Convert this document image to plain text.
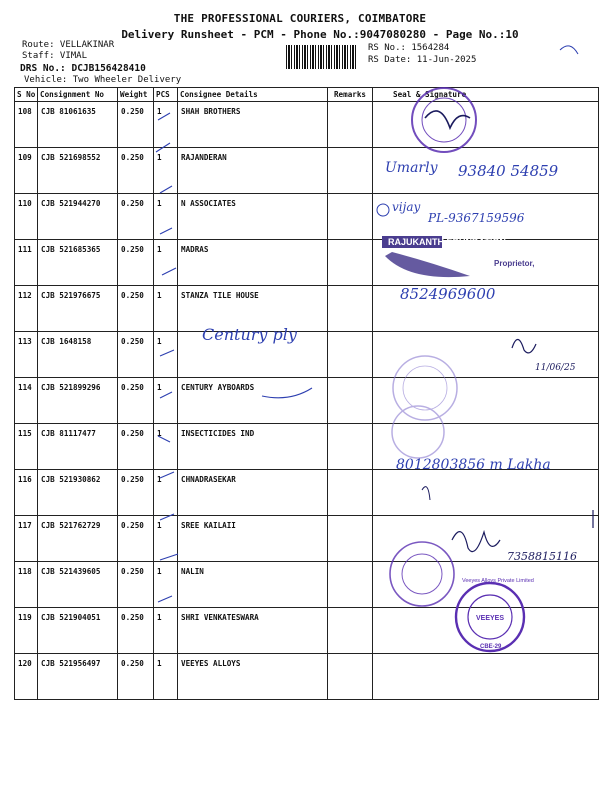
THE PROFESSIONAL COURIERS, COIMBATORE
Delivery Runsheet - PCM - Phone No.:9047080280 - Page No.:10
Route: VELLAKINAR
Staff: VIMAL
DRS No.: DCJB156428410
Vehicle: Two Wheeler Delivery
RS No.: 1564284
RS Date: 11-Jun-2025
S No	Consignment No	Weight	PCS	Consignee Details	Remarks	Seal & Signature
108	CJB 81061635	0.250	1	SHAH BROTHERS		
109	CJB 521698552	0.250	1	RAJANDERAN		
110	CJB 521944270	0.250	1	N ASSOCIATES		
111	CJB 521685365	0.250	1	MADRAS		
112	CJB 521976675	0.250	1	STANZA TILE HOUSE		
113	CJB 1648158	0.250	1			
114	CJB 521899296	0.250	1	CENTURY AYBOARDS		
115	CJB 81117477	0.250	1	INSECTICIDES IND		
116	CJB 521930862	0.250	1	CHNADRASEKAR		
117	CJB 521762729	0.250	1	SREE KAILAII		
118	CJB 521439605	0.250	1	NALIN		
119	CJB 521904051	0.250	1	SHRI VENKATESWARA		
120	CJB 521956497	0.250	1	VEEYES ALLOYS		
Umarly 93840 54859
vijay
PL-9367159596
RAJUKANTH FOUNDATION
Proprietor,
8524969600
Century ply
11/06/25
8012803856 m Lakha
7358815116
VEEYES
Veeyes Alloys Private Limited
CBE-29
